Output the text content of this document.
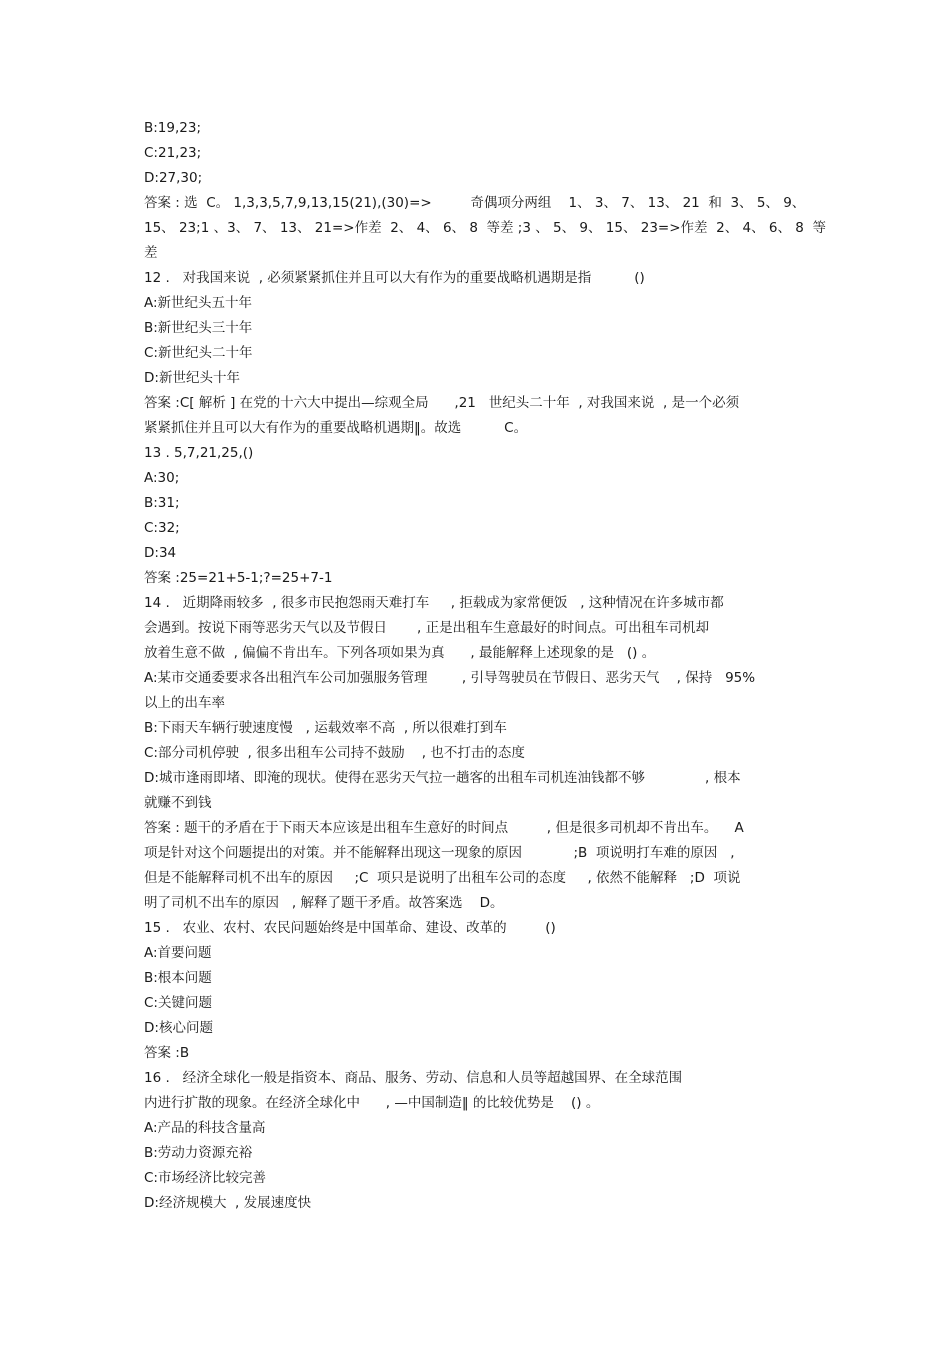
B:19,23;
C:21,23;
D:27,30;
答案 : 选  C。 1,3,3,5,7,9,13,15(21),(30)=>         奇偶项分两组    1、 3、 7、 13、 21  和  3、 5、 9、
15、 23;1 、3、 7、 13、 21=>作差  2、 4、 6、 8  等差 ;3 、 5、 9、 15、 23=>作差  2、 4、 6、 8  等
差
12 .   对我国来说  , 必须紧紧抓住并且可以大有作为的重要战略机遇期是指          ()
A:新世纪头五十年
B:新世纪头三十年
C:新世纪头二十年
D:新世纪头十年
答案 :C[ 解析 ] 在党的十六大中提出—综观全局      ,21   世纪头二十年  , 对我国来说  , 是一个必须
紧紧抓住并且可以大有作为的重要战略机遇期‖。故选          C。
13 . 5,7,21,25,()
A:30;
B:31;
C:32;
D:34
答案 :25=21+5-1;?=25+7-1
14 .   近期降雨较多  , 很多市民抱怨雨天难打车     , 拒载成为家常便饭   , 这种情况在许多城市都
会遇到。按说下雨等恶劣天气以及节假日       , 正是出租车生意最好的时间点。可出租车司机却
放着生意不做  , 偏偏不肯出车。下列各项如果为真      , 最能解释上述现象的是   () 。
A:某市交通委要求各出租汽车公司加强服务管理        , 引导驾驶员在节假日、恶劣天气    , 保持   95%
以上的出车率
B:下雨天车辆行驶速度慢   , 运载效率不高  , 所以很难打到车
C:部分司机停驶  , 很多出租车公司持不鼓励    , 也不打击的态度
D:城市逢雨即堵、即淹的现状。使得在恶劣天气拉一趟客的出租车司机连油钱都不够              , 根本
就赚不到钱
答案 : 题干的矛盾在于下雨天本应该是出租车生意好的时间点         , 但是很多司机却不肯出车。    A
项是针对这个问题提出的对策。并不能解释出现这一现象的原因            ;B  项说明打车难的原因   ,
但是不能解释司机不出车的原因     ;C  项只是说明了出租车公司的态度     , 依然不能解释   ;D  项说
明了司机不出车的原因   , 解释了题干矛盾。故答案选    D。
15 .   农业、农村、农民问题始终是中国革命、建设、改革的         ()
A:首要问题
B:根本问题
C:关键问题
D:核心问题
答案 :B
16 .   经济全球化一般是指资本、商品、服务、劳动、信息和人员等超越国界、在全球范围
内进行扩散的现象。在经济全球化中      , —中国制造‖ 的比较优势是    () 。
A:产品的科技含量高
B:劳动力资源充裕
C:市场经济比较完善
D:经济规模大  , 发展速度快
